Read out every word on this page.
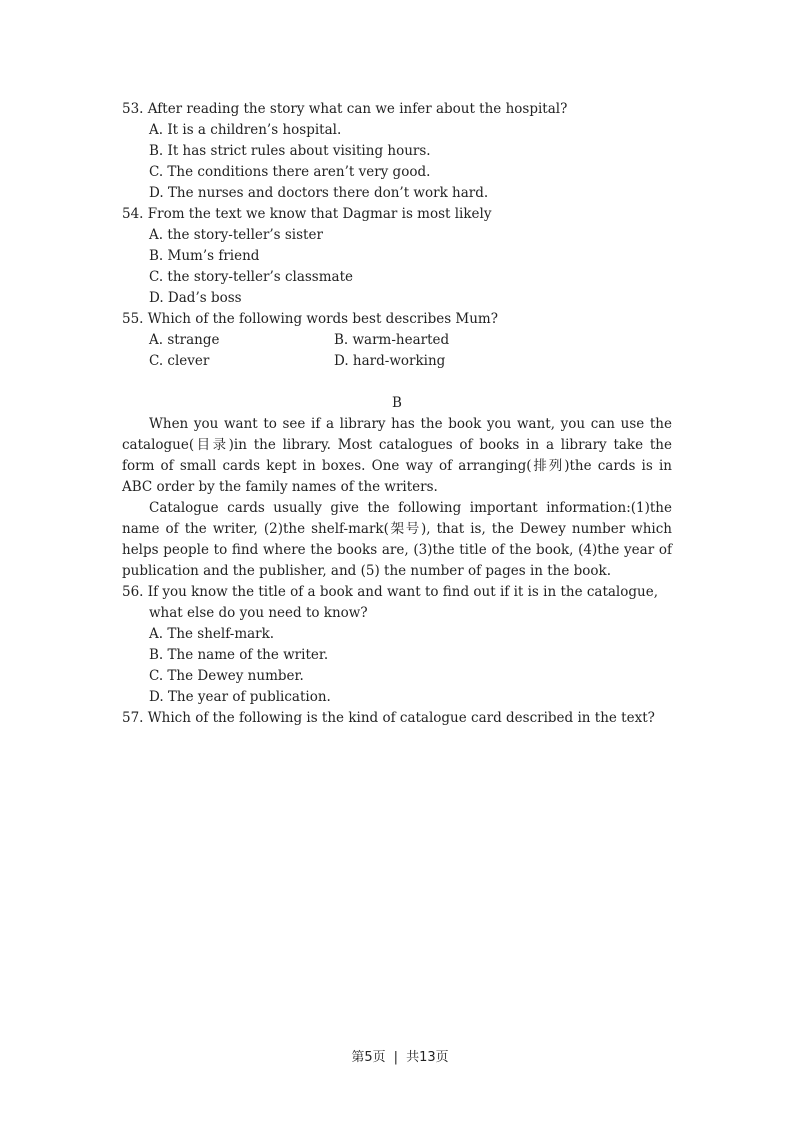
53. After reading the story what can we infer about the hospital?

A. It is a children’s hospital.

B. It has strict rules about visiting hours.

C. The conditions there aren’t very good.

D. The nurses and doctors there don’t work hard.

54. From the text we know that Dagmar is most likely

A. the story-teller’s sister

B. Mum’s friend

C. the story-teller’s classmate

D. Dad’s boss

55. Which of the following words best describes Mum?

A. strange	B. warm-hearted
C. clever	D. hard-working
B

When you want to see if a library has the book you want, you can use the catalogue(目录)in the library. Most catalogues of books in a library take the form of small cards kept in boxes. One way of arranging(排列)the cards is in ABC order by the family names of the writers.

Catalogue cards usually give the following important information:(1)the name of the writer, (2)the shelf-mark(架号), that is, the Dewey number which helps people to find where the books are, (3)the title of the book, (4)the year of publication and the publisher, and (5) the number of pages in the book.

56. If you know the title of a book and want to find out if it is in the catalogue,

what else do you need to know?

A. The shelf-mark.

B. The name of the writer.

C. The Dewey number.

D. The year of publication.

57. Which of the following is the kind of catalogue card described in the text?

第5页 | 共13页
